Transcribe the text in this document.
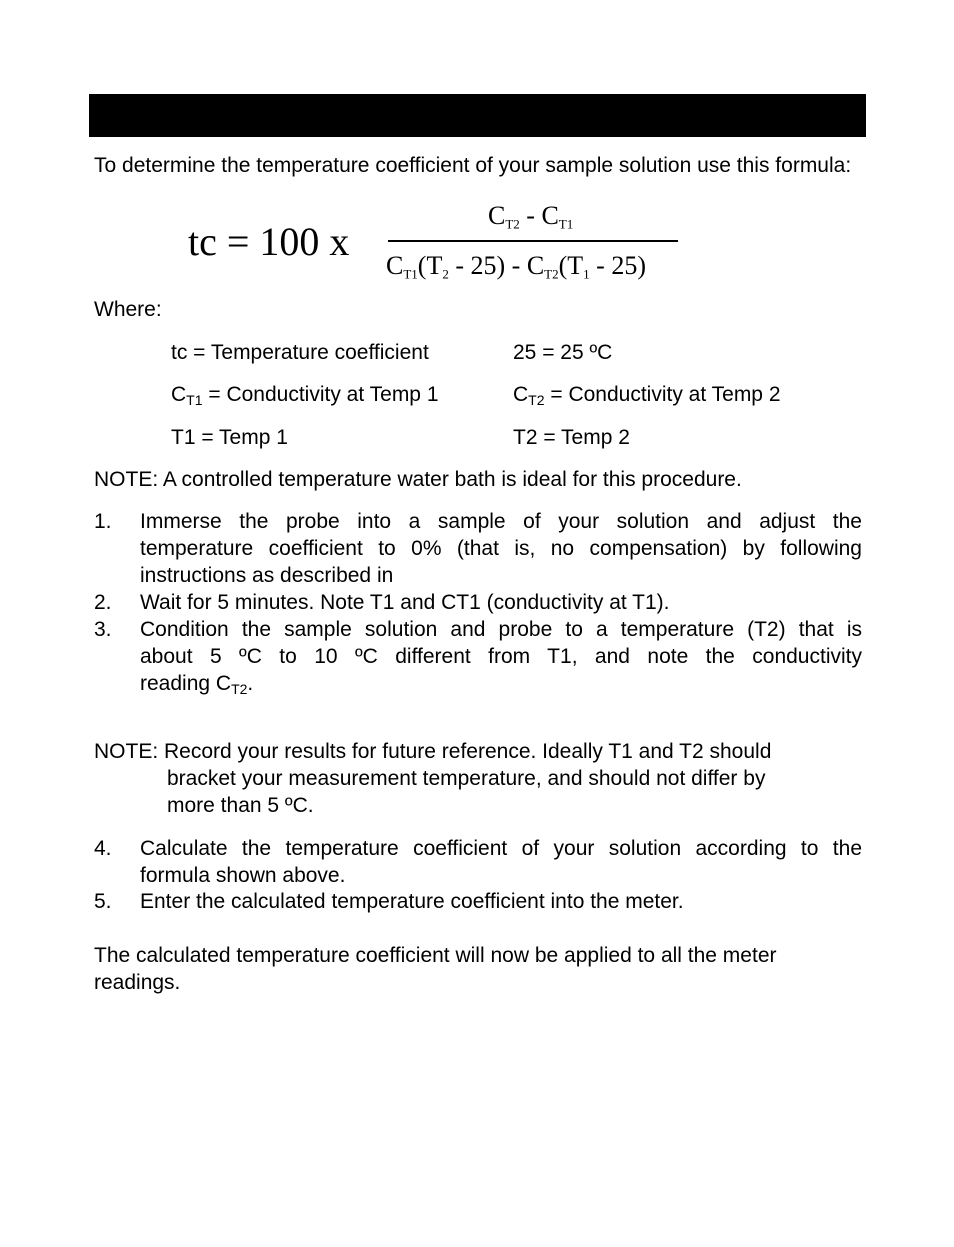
To determine the temperature coefficient of your sample solution use this formula:
tc = 100 x
CT2 - CT1
CT1(T2 - 25) - CT2(T1 - 25)
Where:
tc = Temperature coefficient	25 = 25 ºC
$C_{T1}$ = Conductivity at Temp 1	$C_{T2}$ = Conductivity at Temp 2
T1 = Temp 1	T2 = Temp 2
NOTE: A controlled temperature water bath is ideal for this procedure.
1. Immerse the probe into a sample of your solution and adjust the
temperature coefficient to 0% (that is, no compensation) by following
instructions as described in
2. Wait for 5 minutes. Note T1 and CT1 (conductivity at T1).
3. Condition the sample solution and probe to a temperature (T2) that is
about 5 ºC to 10 ºC different from T1, and note the conductivity
reading $C_{T2}$.
NOTE: Record your results for future reference. Ideally T1 and T2 should
bracket your measurement temperature, and should not differ by
more than 5 ºC.
4. Calculate the temperature coefficient of your solution according to the
formula shown above.
5. Enter the calculated temperature coefficient into the meter.
The calculated temperature coefficient will now be applied to all the meter readings.
